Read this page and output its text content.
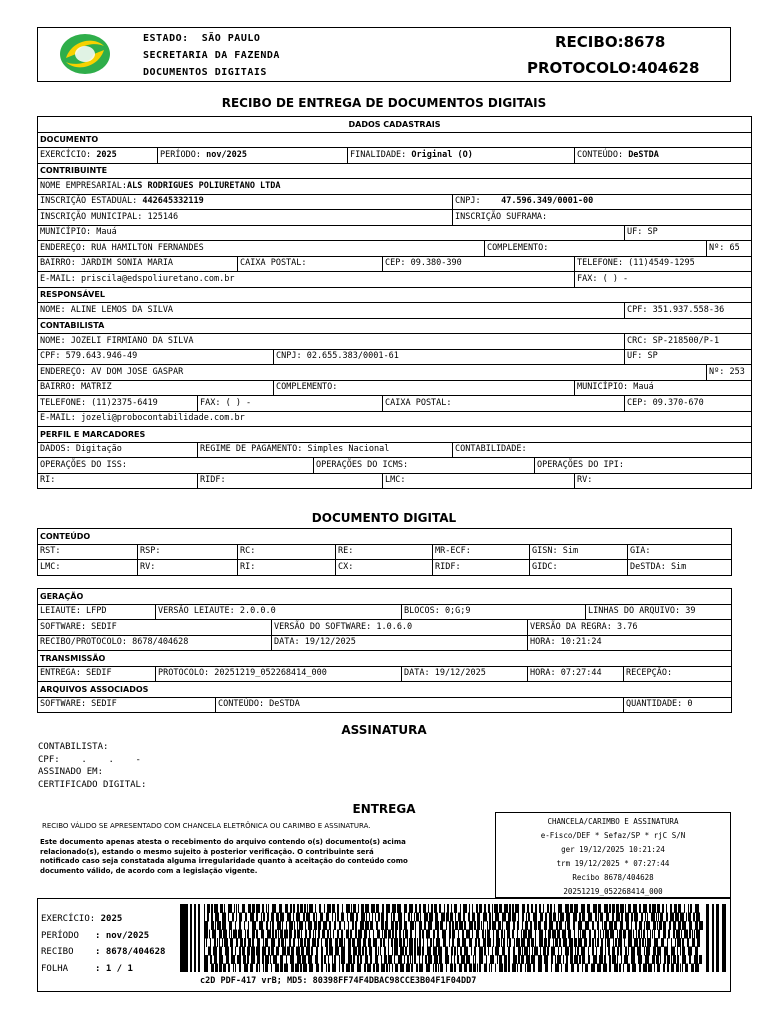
ESTADO: SÃO PAULO
SECRETARIA DA FAZENDA
DOCUMENTOS DIGITAIS
RECIBO:8678
PROTOCOLO:404628
RECIBO DE ENTREGA DE DOCUMENTOS DIGITAIS
DADOS CADASTRAIS													
DOCUMENTO													
EXERCÍCIO: 2025	PERÍODO: nov/2025					FINALIDADE: Original (O)					CONTEÚDO: DeSTDA		
CONTRIBUINTE													
NOME EMPRESARIAL:ALS RODRIGUES POLIURETANO LTDA													
INSCRIÇÃO ESTADUAL: 442645332119								CNPJ: 47.596.349/0001-00					
INSCRIÇÃO MUNICIPAL: 125146								INSCRIÇÃO SUFRAMA:					
MUNICÍPIO: Mauá												UF: SP	
ENDEREÇO: RUA HAMILTON FERNANDES									COMPLEMENTO:				Nº: 65
BAIRRO: JARDIM SONIA MARIA			CAIXA POSTAL:				CEP: 09.380-390				TELEFONE: (11)4549-1295		
E-MAIL: priscila@edspoliuretano.com.br											FAX: ( ) -		
RESPONSÁVEL													
NOME: ALINE LEMOS DA SILVA												CPF: 351.937.558-36	
CONTABILISTA													
NOME: JOZELI FIRMIANO DA SILVA												CRC: SP-218500/P-1	
CPF: 579.643.946-49				CNPJ: 02.655.383/0001-61								UF: SP	
ENDEREÇO: AV DOM JOSE GASPAR													Nº: 253
BAIRRO: MATRIZ				COMPLEMENTO:							MUNICÍPIO: Mauá		
TELEFONE: (11)2375-6419		FAX: ( ) -					CAIXA POSTAL:					CEP: 09.370-670	
E-MAIL: jozeli@probocontabilidade.com.br													
PERFIL E MARCADORES													
DADOS: Digitação		REGIME DE PAGAMENTO: Simples Nacional						CONTABILIDADE:					
OPERAÇÕES DO ISS:					OPERAÇÕES DO ICMS:					OPERAÇÕES DO IPI:			
RI:		RIDF:					LMC:				RV:		
DOCUMENTO DIGITAL
CONTEÚDO						
RST:	RSP:	RC:	RE:	MR-ECF:	GISN: Sim	GIA:
LMC:	RV:	RI:	CX:	RIDF:	GIDC:	DeSTDA: Sim
GERAÇÃO							
LEIAUTE: LFPD	VERSÃO LEIAUTE: 2.0.0.0			BLOCOS: 0;G;9		LINHAS DO ARQUIVO: 39	
SOFTWARE: SEDIF			VERSÃO DO SOFTWARE: 1.0.6.0		VERSÃO DA REGRA: 3.76		
RECIBO/PROTOCOLO: 8678/404628			DATA: 19/12/2025		HORA: 10:21:24		
TRANSMISSÃO							
ENTREGA: SEDIF	PROTOCOLO: 20251219_052268414_000			DATA: 19/12/2025	HORA: 07:27:44		RECEPÇÃO:
ARQUIVOS ASSOCIADOS							
SOFTWARE: SEDIF		CONTEÚDO: DeSTDA					QUANTIDADE: 0
ASSINATURA
CONTABILISTA:
CPF:    .    .    -
ASSINADO EM:
CERTIFICADO DIGITAL:
ENTREGA
RECIBO VÁLIDO SE APRESENTADO COM CHANCELA ELETRÔNICA OU CARIMBO E ASSINATURA.
Este documento apenas atesta o recebimento do arquivo contendo o(s) documento(s) acima
relacionado(s), estando o mesmo sujeito à posterior verificação. O contribuinte será
notificado caso seja constatada alguma irregularidade quanto à aceitação do conteúdo como
documento válido, de acordo com a legislação vigente.
CHANCELA/CARIMBO E ASSINATURA
e-Fisco/DEF * Sefaz/SP * rjC S/N
ger 19/12/2025 10:21:24
trm 19/12/2025 * 07:27:44
Recibo 8678/404628
20251219_052268414_000
EXERCÍCIO: 2025
PERÍODO : nov/2025
RECIBO : 8678/404628
FOLHA	: 1 / 1
c2D PDF-417 vrB; MD5: 80398FF74F4DBAC98CCE3B04F1F04DD7
